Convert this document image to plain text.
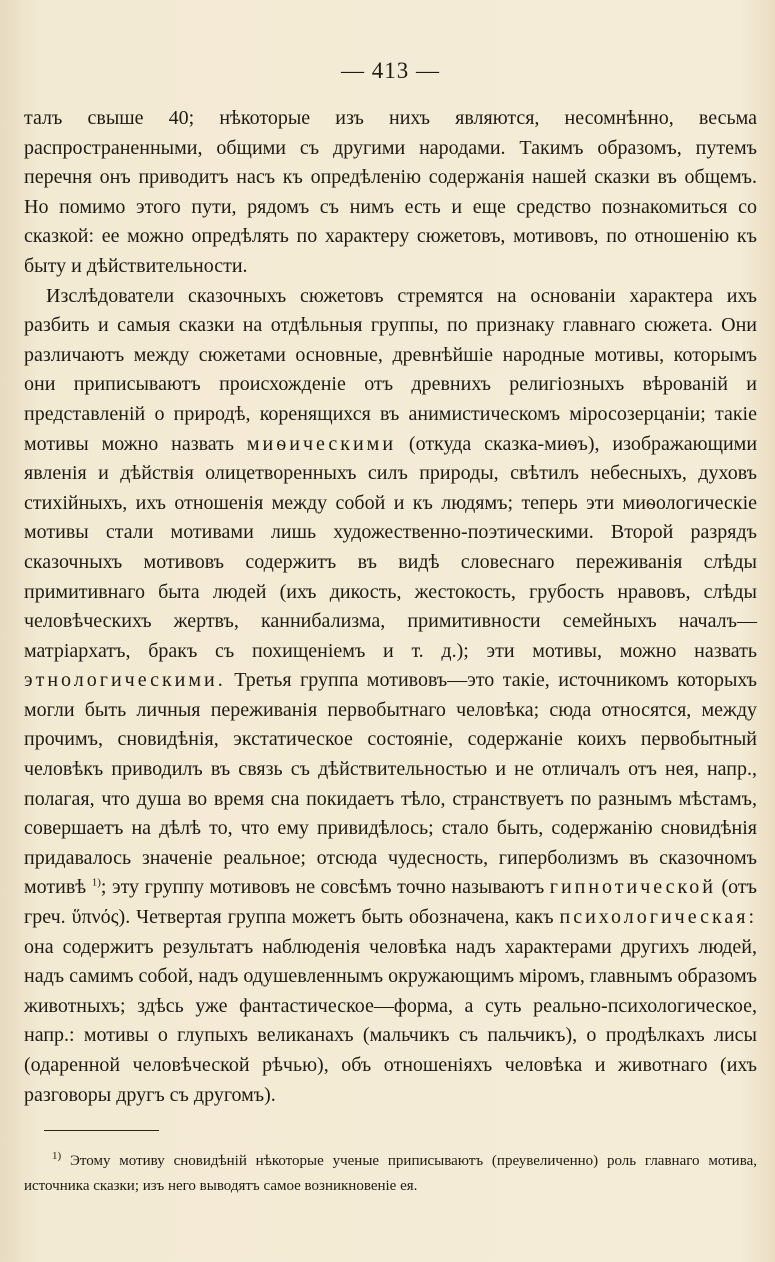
— 413 —

талъ свыше 40; нѣкоторые изъ нихъ являются, несомнѣнно, весьма распространенными, общими съ другими народами. Такимъ образомъ, путемъ перечня онъ приводитъ насъ къ опредѣленію содержанія нашей сказки въ общемъ. Но помимо этого пути, рядомъ съ нимъ есть и еще средство познакомиться со сказкой: ее можно опредѣлять по характеру сюжетовъ, мотивовъ, по отношенію къ быту и дѣйствительности.

Изслѣдователи сказочныхъ сюжетовъ стремятся на основаніи характера ихъ разбить и самыя сказки на отдѣльныя группы, по признаку главнаго сюжета. Они различаютъ между сюжетами основные, древнѣйшіе народные мотивы, которымъ они приписываютъ происхожденіе отъ древнихъ религіозныхъ вѣрованій и представленій о природѣ, коренящихся въ анимистическомъ міросозерцаніи; такіе мотивы можно назвать миѳическими (откуда сказка-миѳъ), изображающими явленія и дѣйствія олицетворенныхъ силъ природы, свѣтилъ небесныхъ, духовъ стихійныхъ, ихъ отношенія между собой и къ людямъ; теперь эти миѳологическіе мотивы стали мотивами лишь художественно-поэтическими. Второй разрядъ сказочныхъ мотивовъ содержитъ въ видѣ словеснаго переживанія слѣды примитивнаго быта людей (ихъ дикость, жестокость, грубость нравовъ, слѣды человѣческихъ жертвъ, каннибализма, примитивности семейныхъ началъ—матріархатъ, бракъ съ похищеніемъ и т. д.); эти мотивы, можно назвать этнологическими. Третья группа мотивовъ—это такіе, источникомъ которыхъ могли быть личныя переживанія первобытнаго человѣка; сюда относятся, между прочимъ, сновидѣнія, экстатическое состояніе, содержаніе коихъ первобытный человѣкъ приводилъ въ связь съ дѣйствительностью и не отличалъ отъ нея, напр., полагая, что душа во время сна покидаетъ тѣло, странствуетъ по разнымъ мѣстамъ, совершаетъ на дѣлѣ то, что ему привидѣлось; стало быть, содержанію сновидѣнія придавалось значеніе реальное; отсюда чудесность, гиперболизмъ въ сказочномъ мотивѣ $^{1)}$; эту группу мотивовъ не совсѣмъ точно называютъ гипнотической (отъ греч. ὕπνός). Четвертая группа можетъ быть обозначена, какъ психологическая: она содержитъ результатъ наблюденія человѣка надъ характерами другихъ людей, надъ самимъ собой, надъ одушевленнымъ окружающимъ міромъ, главнымъ образомъ животныхъ; здѣсь уже фантастическое—форма, а суть реально-психологическое, напр.: мотивы о глупыхъ великанахъ (мальчикъ съ пальчикъ), о продѣлкахъ лисы (одаренной человѣческой рѣчью), объ отношеніяхъ человѣка и животнаго (ихъ разговоры другъ съ другомъ).

$^{1)}$ Этому мотиву сновидѣній нѣкоторые ученые приписываютъ (преувеличенно) роль главнаго мотива, источника сказки; изъ него выводятъ самое возникновеніе ея.
